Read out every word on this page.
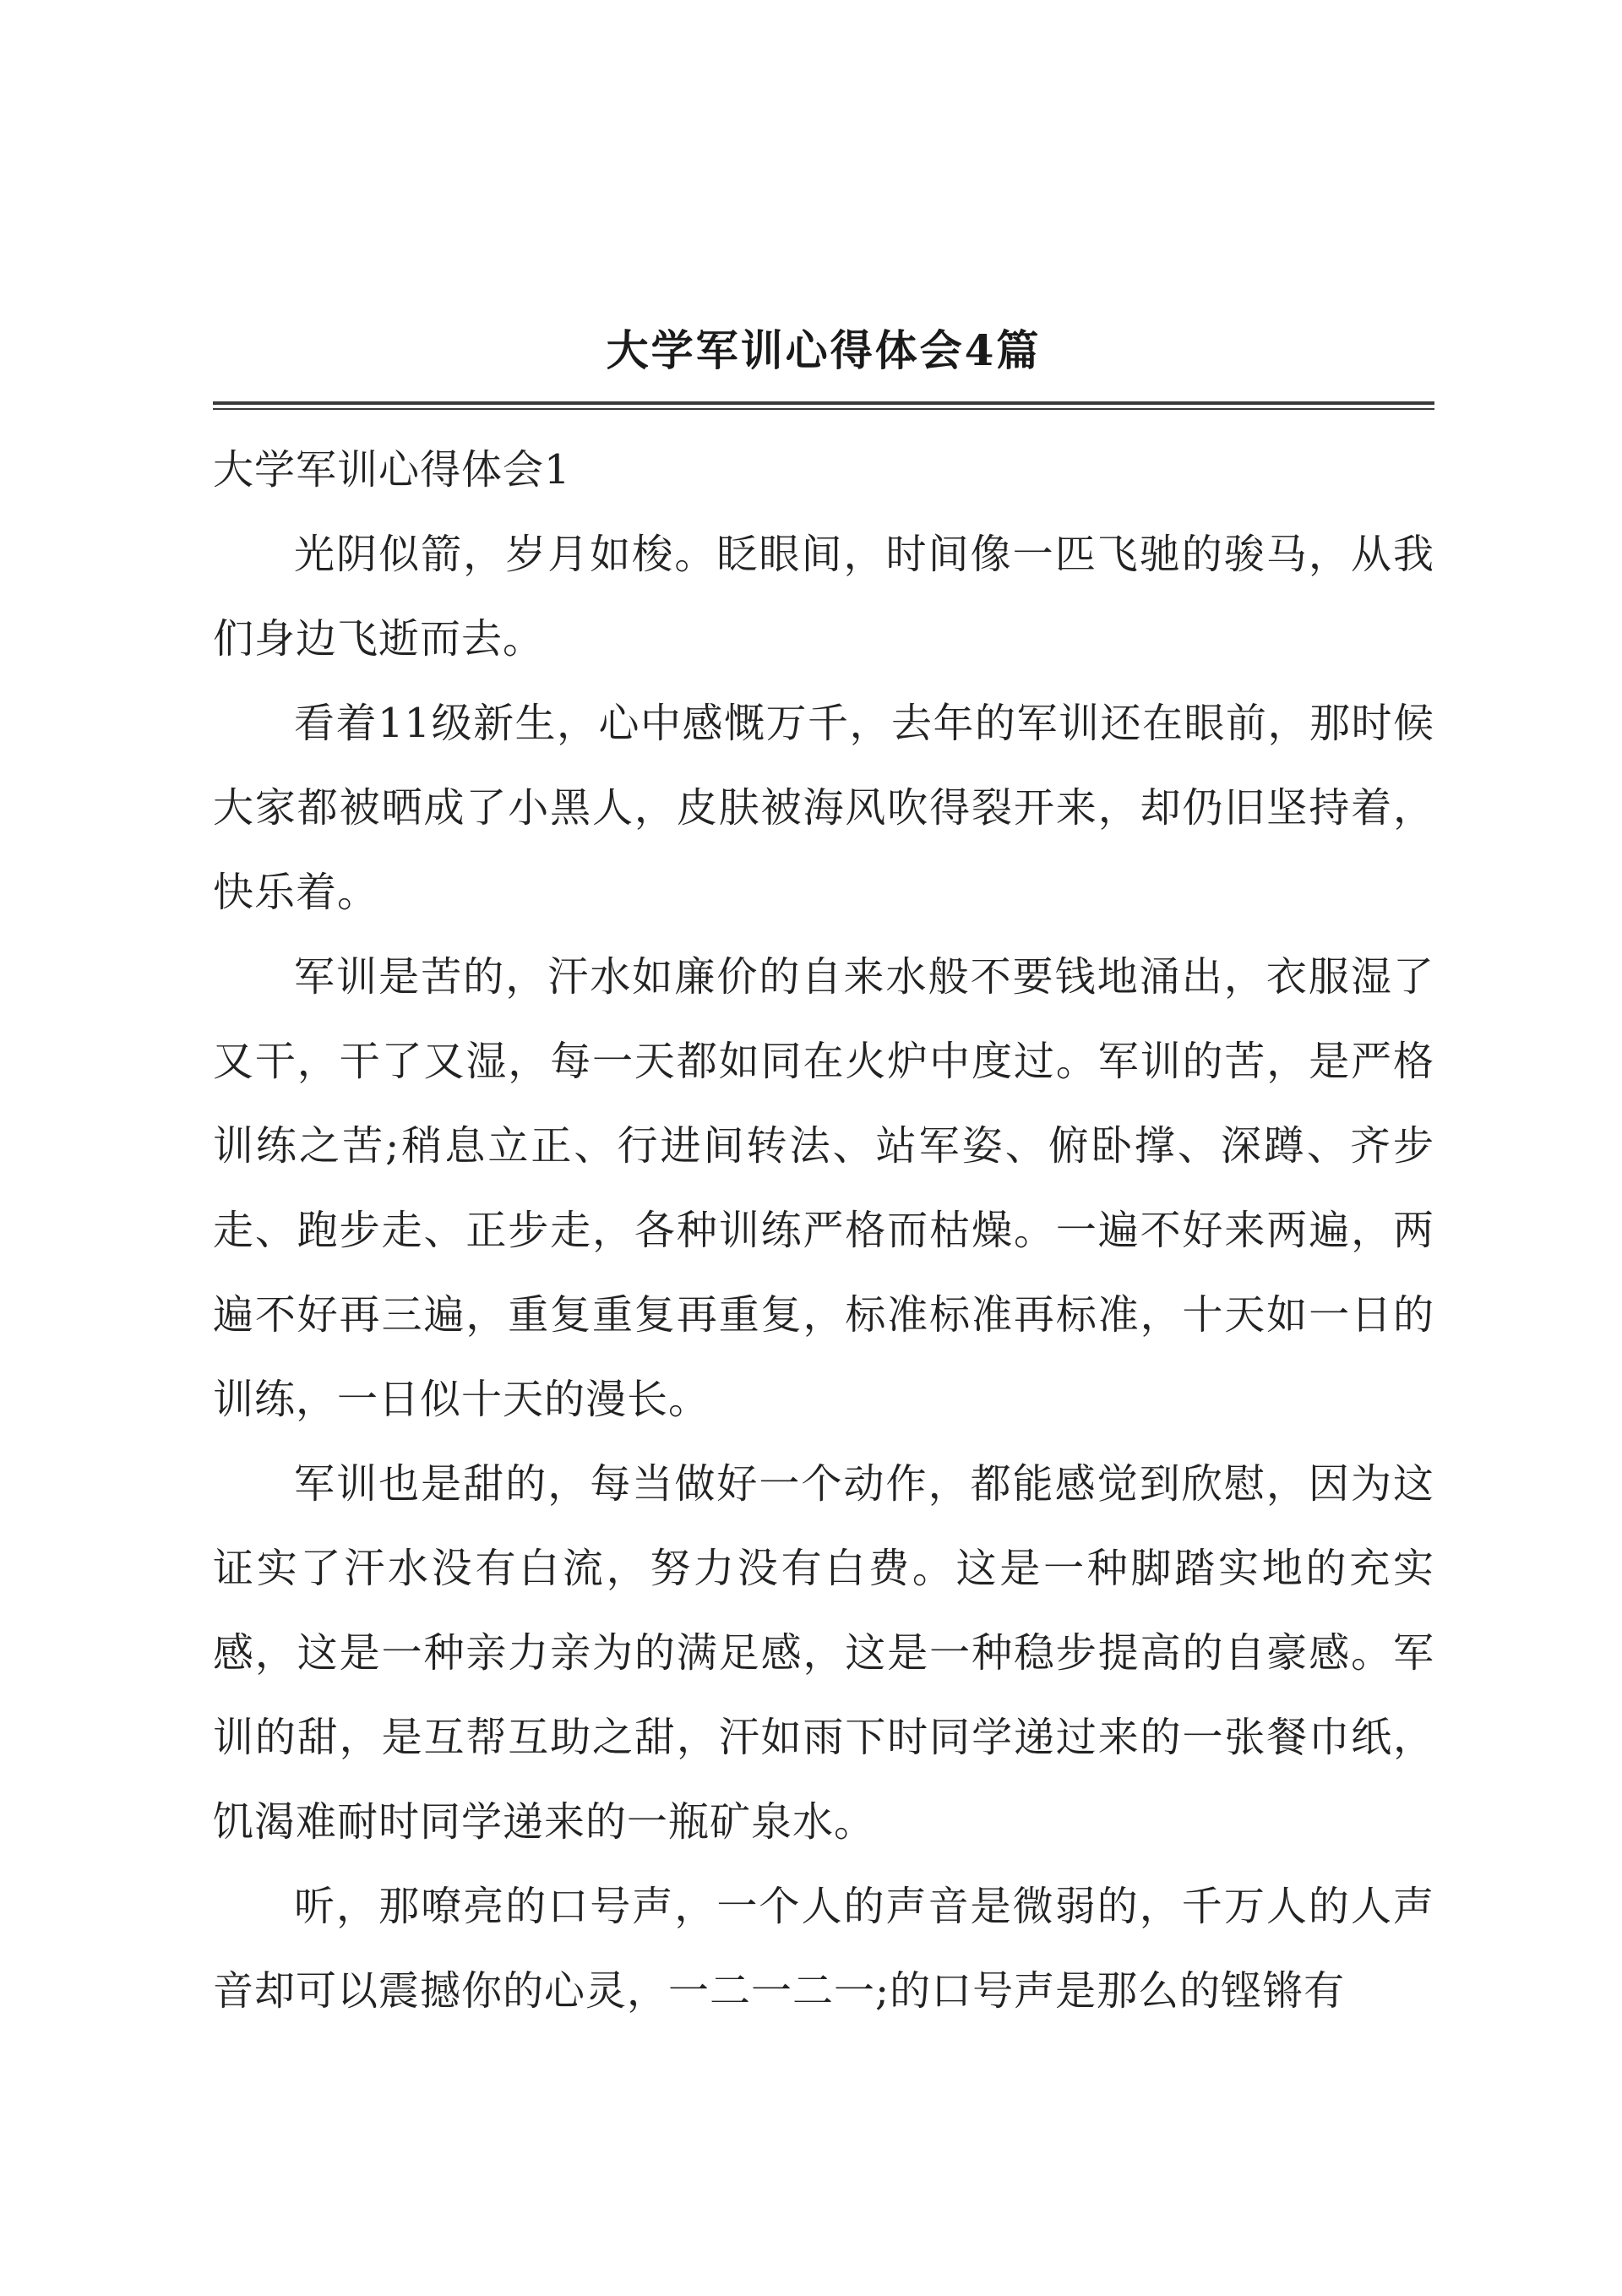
大学军训心得体会4篇

大学军训心得体会1

光阴似箭，岁月如梭。眨眼间，时间像一匹飞驰的骏马，从我们身边飞逝而去。

看着11级新生，心中感慨万千，去年的军训还在眼前，那时候大家都被晒成了小黑人，皮肤被海风吹得裂开来，却仍旧坚持着，快乐着。

军训是苦的，汗水如廉价的自来水般不要钱地涌出，衣服湿了又干，干了又湿，每一天都如同在火炉中度过。军训的苦，是严格训练之苦;稍息立正、行进间转法、站军姿、俯卧撑、深蹲、齐步走、跑步走、正步走，各种训练严格而枯燥。一遍不好来两遍，两遍不好再三遍，重复重复再重复，标准标准再标准，十天如一日的训练，一日似十天的漫长。

军训也是甜的，每当做好一个动作，都能感觉到欣慰，因为这证实了汗水没有白流，努力没有白费。这是一种脚踏实地的充实感，这是一种亲力亲为的满足感，这是一种稳步提高的自豪感。军训的甜，是互帮互助之甜，汗如雨下时同学递过来的一张餐巾纸，饥渴难耐时同学递来的一瓶矿泉水。

听，那嘹亮的口号声，一个人的声音是微弱的，千万人的人声音却可以震撼你的心灵，一二一二一;的口号声是那么的铿锵有
